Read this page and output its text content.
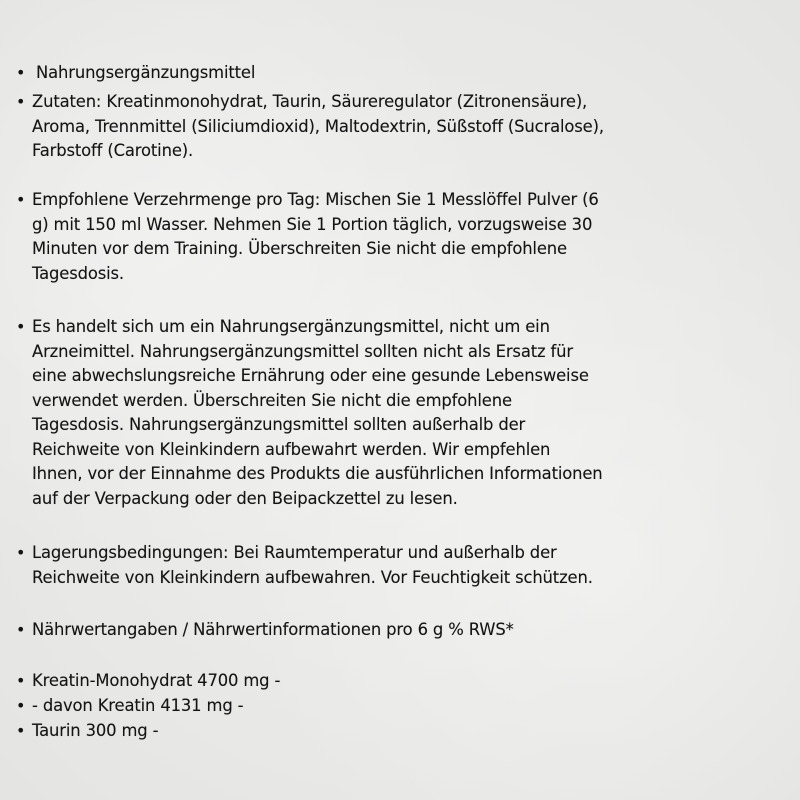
• Nahrungsergänzungsmittel
• Zutaten: Kreatinmonohydrat, Taurin, Säureregulator (Zitronensäure),
Aroma, Trennmittel (Siliciumdioxid), Maltodextrin, Süßstoff (Sucralose),
Farbstoff (Carotine).
• Empfohlene Verzehrmenge pro Tag: Mischen Sie 1 Messlöffel Pulver (6
g) mit 150 ml Wasser. Nehmen Sie 1 Portion täglich, vorzugsweise 30
Minuten vor dem Training. Überschreiten Sie nicht die empfohlene
Tagesdosis.
• Es handelt sich um ein Nahrungsergänzungsmittel, nicht um ein
Arzneimittel. Nahrungsergänzungsmittel sollten nicht als Ersatz für
eine abwechslungsreiche Ernährung oder eine gesunde Lebensweise
verwendet werden. Überschreiten Sie nicht die empfohlene
Tagesdosis. Nahrungsergänzungsmittel sollten außerhalb der
Reichweite von Kleinkindern aufbewahrt werden. Wir empfehlen
Ihnen, vor der Einnahme des Produkts die ausführlichen Informationen
auf der Verpackung oder den Beipackzettel zu lesen.
• Lagerungsbedingungen: Bei Raumtemperatur und außerhalb der
Reichweite von Kleinkindern aufbewahren. Vor Feuchtigkeit schützen.
• Nährwertangaben / Nährwertinformationen pro 6 g % RWS*
• Kreatin-Monohydrat 4700 mg -
• - davon Kreatin 4131 mg -
• Taurin 300 mg -
